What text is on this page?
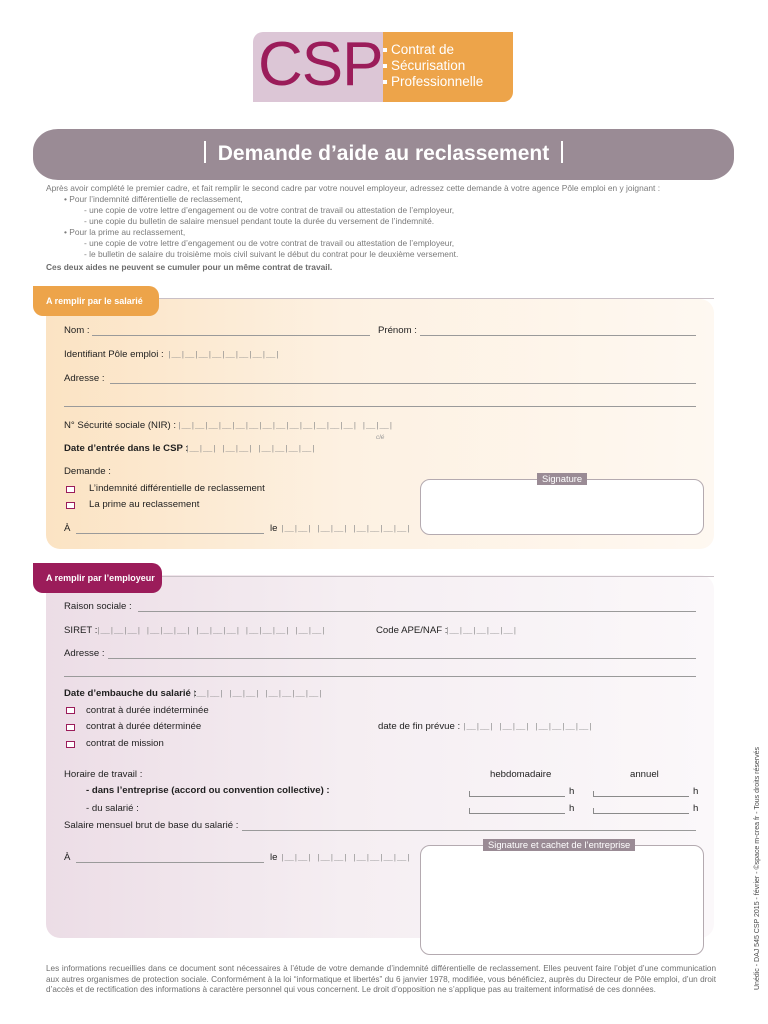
CSP Contrat de
Sécurisation
Professionnelle
Demande d’aide au reclassement
Après avoir complété le premier cadre, et fait remplir le second cadre par votre nouvel employeur, adressez cette demande à votre agence Pôle emploi en y joignant :
• Pour l’indemnité différentielle de reclassement,
- une copie de votre lettre d’engagement ou de votre contrat de travail ou attestation de l’employeur,
- une copie du bulletin de salaire mensuel pendant toute la durée du versement de l’indemnité.
• Pour la prime au reclassement,
- une copie de votre lettre d’engagement ou de votre contrat de travail ou attestation de l’employeur,
- le bulletin de salaire du troisième mois civil suivant le début du contrat pour le deuxième versement.
Ces deux aides ne peuvent se cumuler pour un même contrat de travail.
A remplir par le salarié
Nom :	Prénom :
Identifiant Pôle emploi : |__|__|__|__|__|__|__|__|
Adresse :
N° Sécurité sociale (NIR) : |__|__|__|__|__|__|__|__|__|__|__|__|__| |__|__|
clé
Date d’entrée dans le CSP :
|__|__| |__|__| |__|__|__|__|
Demande :
L’indemnité différentielle de reclassement
La prime au reclassement
À	le |__|__| |__|__| |__|__|__|__|
Signature
A remplir par l’employeur
Raison sociale :
SIRET :
|__|__|__| |__|__|__| |__|__|__| |__|__|__| |__|__|	Code APE/NAF :
|__|__|__|__|__|
Adresse :
Date d’embauche du salarié :
|__|__| |__|__| |__|__|__|__|
contrat à durée indéterminée
contrat à durée déterminée	date de fin prévue : |__|__| |__|__| |__|__|__|__|
contrat de mission
Horaire de travail :	hebdomadaire	annuel
- dans l’entreprise (accord ou convention collective) :	h	h
- du salarié :	h	h
Salaire mensuel brut de base du salarié :
À	le |__|__| |__|__| |__|__|__|__|
Signature et cachet de l’entreprise
Les informations recueillies dans ce document sont nécessaires à l’étude de votre demande d’indemnité différentielle de reclassement. Elles peuvent faire l’objet d’une communication aux autres organismes de protection sociale. Conformément à la loi “informatique et libertés” du 6 janvier 1978, modifiée, vous bénéficiez, auprès du Directeur de Pôle emploi, d’un droit d’accès et de rectification des informations à caractère personnel qui vous concernent. Le droit d’opposition ne s’applique pas au traitement informatisé de ces données.	Unédic - DAJ 545 CSP 2015 - février - ©space m-crea fr - Tous droits réservés
